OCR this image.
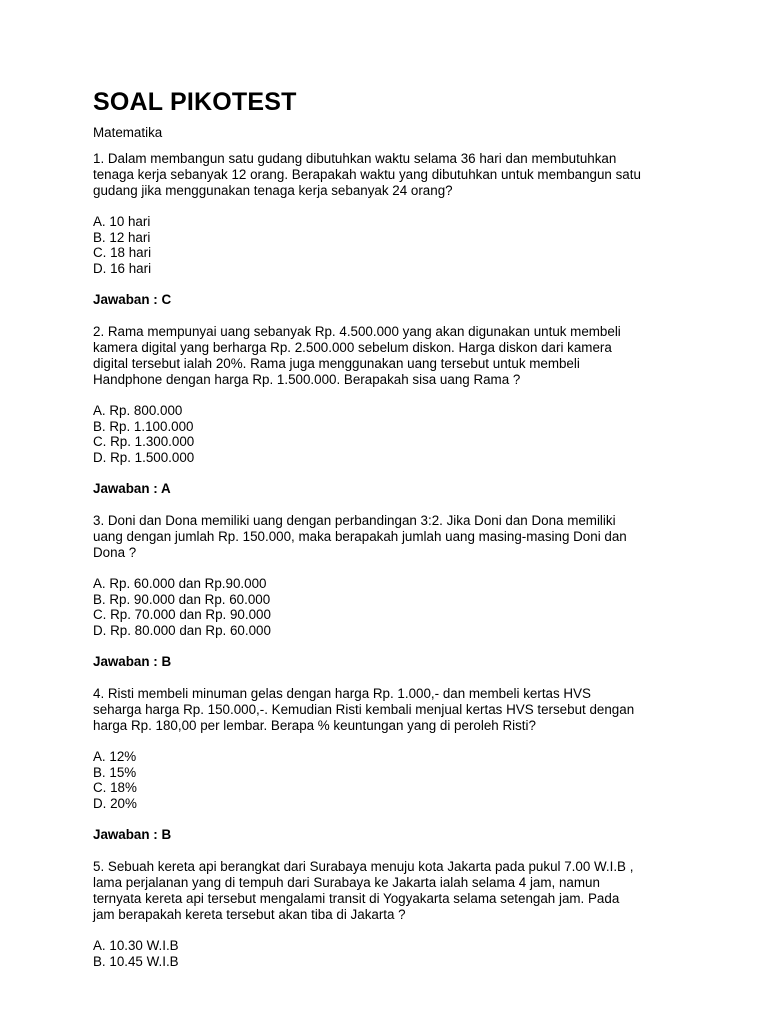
SOAL PIKOTEST

Matematika

1. Dalam membangun satu gudang dibutuhkan waktu selama 36 hari dan membutuhkan
tenaga kerja sebanyak 12 orang. Berapakah waktu yang dibutuhkan untuk membangun satu
gudang jika menggunakan tenaga kerja sebanyak 24 orang?

A. 10 hari
B. 12 hari
C. 18 hari
D. 16 hari

Jawaban : C

2. Rama mempunyai uang sebanyak Rp. 4.500.000 yang akan digunakan untuk membeli
kamera digital yang berharga Rp. 2.500.000 sebelum diskon. Harga diskon dari kamera
digital tersebut ialah 20%. Rama juga menggunakan uang tersebut untuk membeli
Handphone dengan harga Rp. 1.500.000. Berapakah sisa uang Rama ?

A. Rp. 800.000
B. Rp. 1.100.000
C. Rp. 1.300.000
D. Rp. 1.500.000

Jawaban : A

3. Doni dan Dona memiliki uang dengan perbandingan 3:2. Jika Doni dan Dona memiliki
uang dengan jumlah Rp. 150.000, maka berapakah jumlah uang masing-masing Doni dan
Dona ?

A. Rp. 60.000 dan Rp.90.000
B. Rp. 90.000 dan Rp. 60.000
C. Rp. 70.000 dan Rp. 90.000
D. Rp. 80.000 dan Rp. 60.000

Jawaban : B

4. Risti membeli minuman gelas dengan harga Rp. 1.000,- dan membeli kertas HVS
seharga harga Rp. 150.000,-. Kemudian Risti kembali menjual kertas HVS tersebut dengan
harga Rp. 180,00 per lembar. Berapa % keuntungan yang di peroleh Risti?

A. 12%
B. 15%
C. 18%
D. 20%

Jawaban : B

5. Sebuah kereta api berangkat dari Surabaya menuju kota Jakarta pada pukul 7.00 W.I.B ,
lama perjalanan yang di tempuh dari Surabaya ke Jakarta ialah selama 4 jam, namun
ternyata kereta api tersebut mengalami transit di Yogyakarta selama setengah jam. Pada
jam berapakah kereta tersebut akan tiba di Jakarta ?

A. 10.30 W.I.B
B. 10.45 W.I.B
